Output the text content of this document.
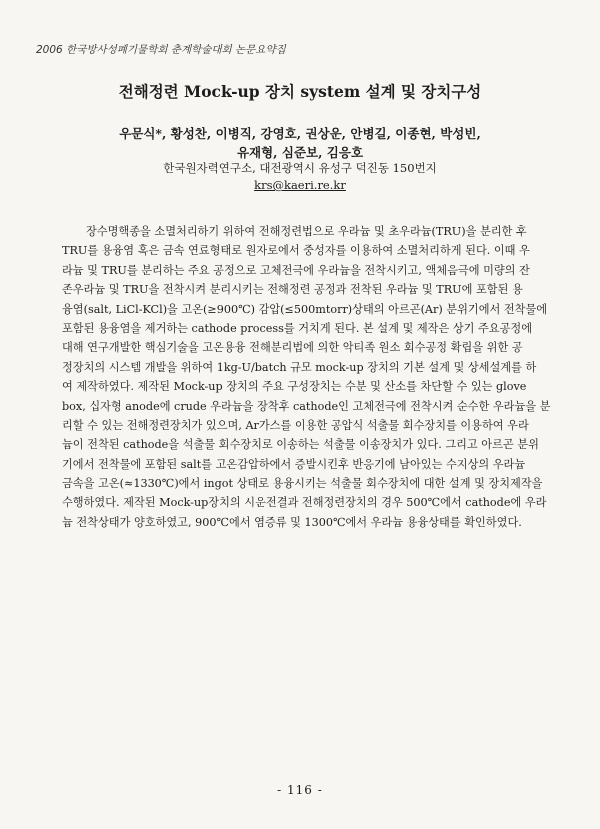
2006 한국방사성폐기물학회 춘계학술대회 논문요약집
전해정련 Mock-up 장치 system 설계 및 장치구성
우문식*, 황성찬, 이병직, 강영호, 권상운, 안병길, 이종현, 박성빈,
유재형, 심준보, 김응호
한국원자력연구소, 대전광역시 유성구 덕진동 150번지
krs@kaeri.re.kr
장수명핵종을 소멸처리하기 위하여 전해정련법으로 우라늄 및 초우라늄(TRU)을 분리한 후
TRU를 용융염 혹은 금속 연료형태로 원자로에서 중성자를 이용하여 소멸처리하게 된다. 이때 우
라늄 및 TRU를 분리하는 주요 공정으로 고체전극에 우라늄을 전착시키고, 액체음극에 미량의 잔
존우라늄 및 TRU을 전착시켜 분리시키는 전해정련 공정과 전착된 우라늄 및 TRU에 포함된 용
융염(salt, LiCl-KCl)을 고온(≥900℃) 감압(≤500mtorr)상태의 아르곤(Ar) 분위기에서 전착물에
포함된 용융염을 제거하는 cathode process를 거치게 된다. 본 설계 및 제작은 상기 주요공정에
대해 연구개발한 핵심기술을 고온용융 전해분리법에 의한 악티족 원소 회수공정 확립을 위한 공
정장치의 시스템 개발을 위하여 1kg-U/batch 규모 mock-up 장치의 기본 설계 및 상세설계를 하
여 제작하였다. 제작된 Mock-up 장치의 주요 구성장치는 수분 및 산소를 차단할 수 있는 glove
box, 십자형 anode에 crude 우라늄을 장착후 cathode인 고체전극에 전착시켜 순수한 우라늄을 분
리할 수 있는 전해정련장치가 있으며, Ar가스를 이용한 공압식 석출물 회수장치를 이용하여 우라
늄이 전착된 cathode을 석출물 회수장치로 이송하는 석출물 이송장치가 있다. 그리고 아르곤 분위
기에서 전착물에 포함된 salt를 고온감압하에서 증발시킨후 반응기에 남아있는 수지상의 우라늄
금속을 고온(≈1330℃)에서 ingot 상태로 용융시키는 석출물 회수장치에 대한 설계 및 장치제작을
수행하였다. 제작된 Mock-up장치의 시운전결과 전해정련장치의 경우 500℃에서 cathode에 우라
늄 전착상태가 양호하였고, 900℃에서 염증류 및 1300℃에서 우라늄 용융상태를 확인하였다.
- 116 -
